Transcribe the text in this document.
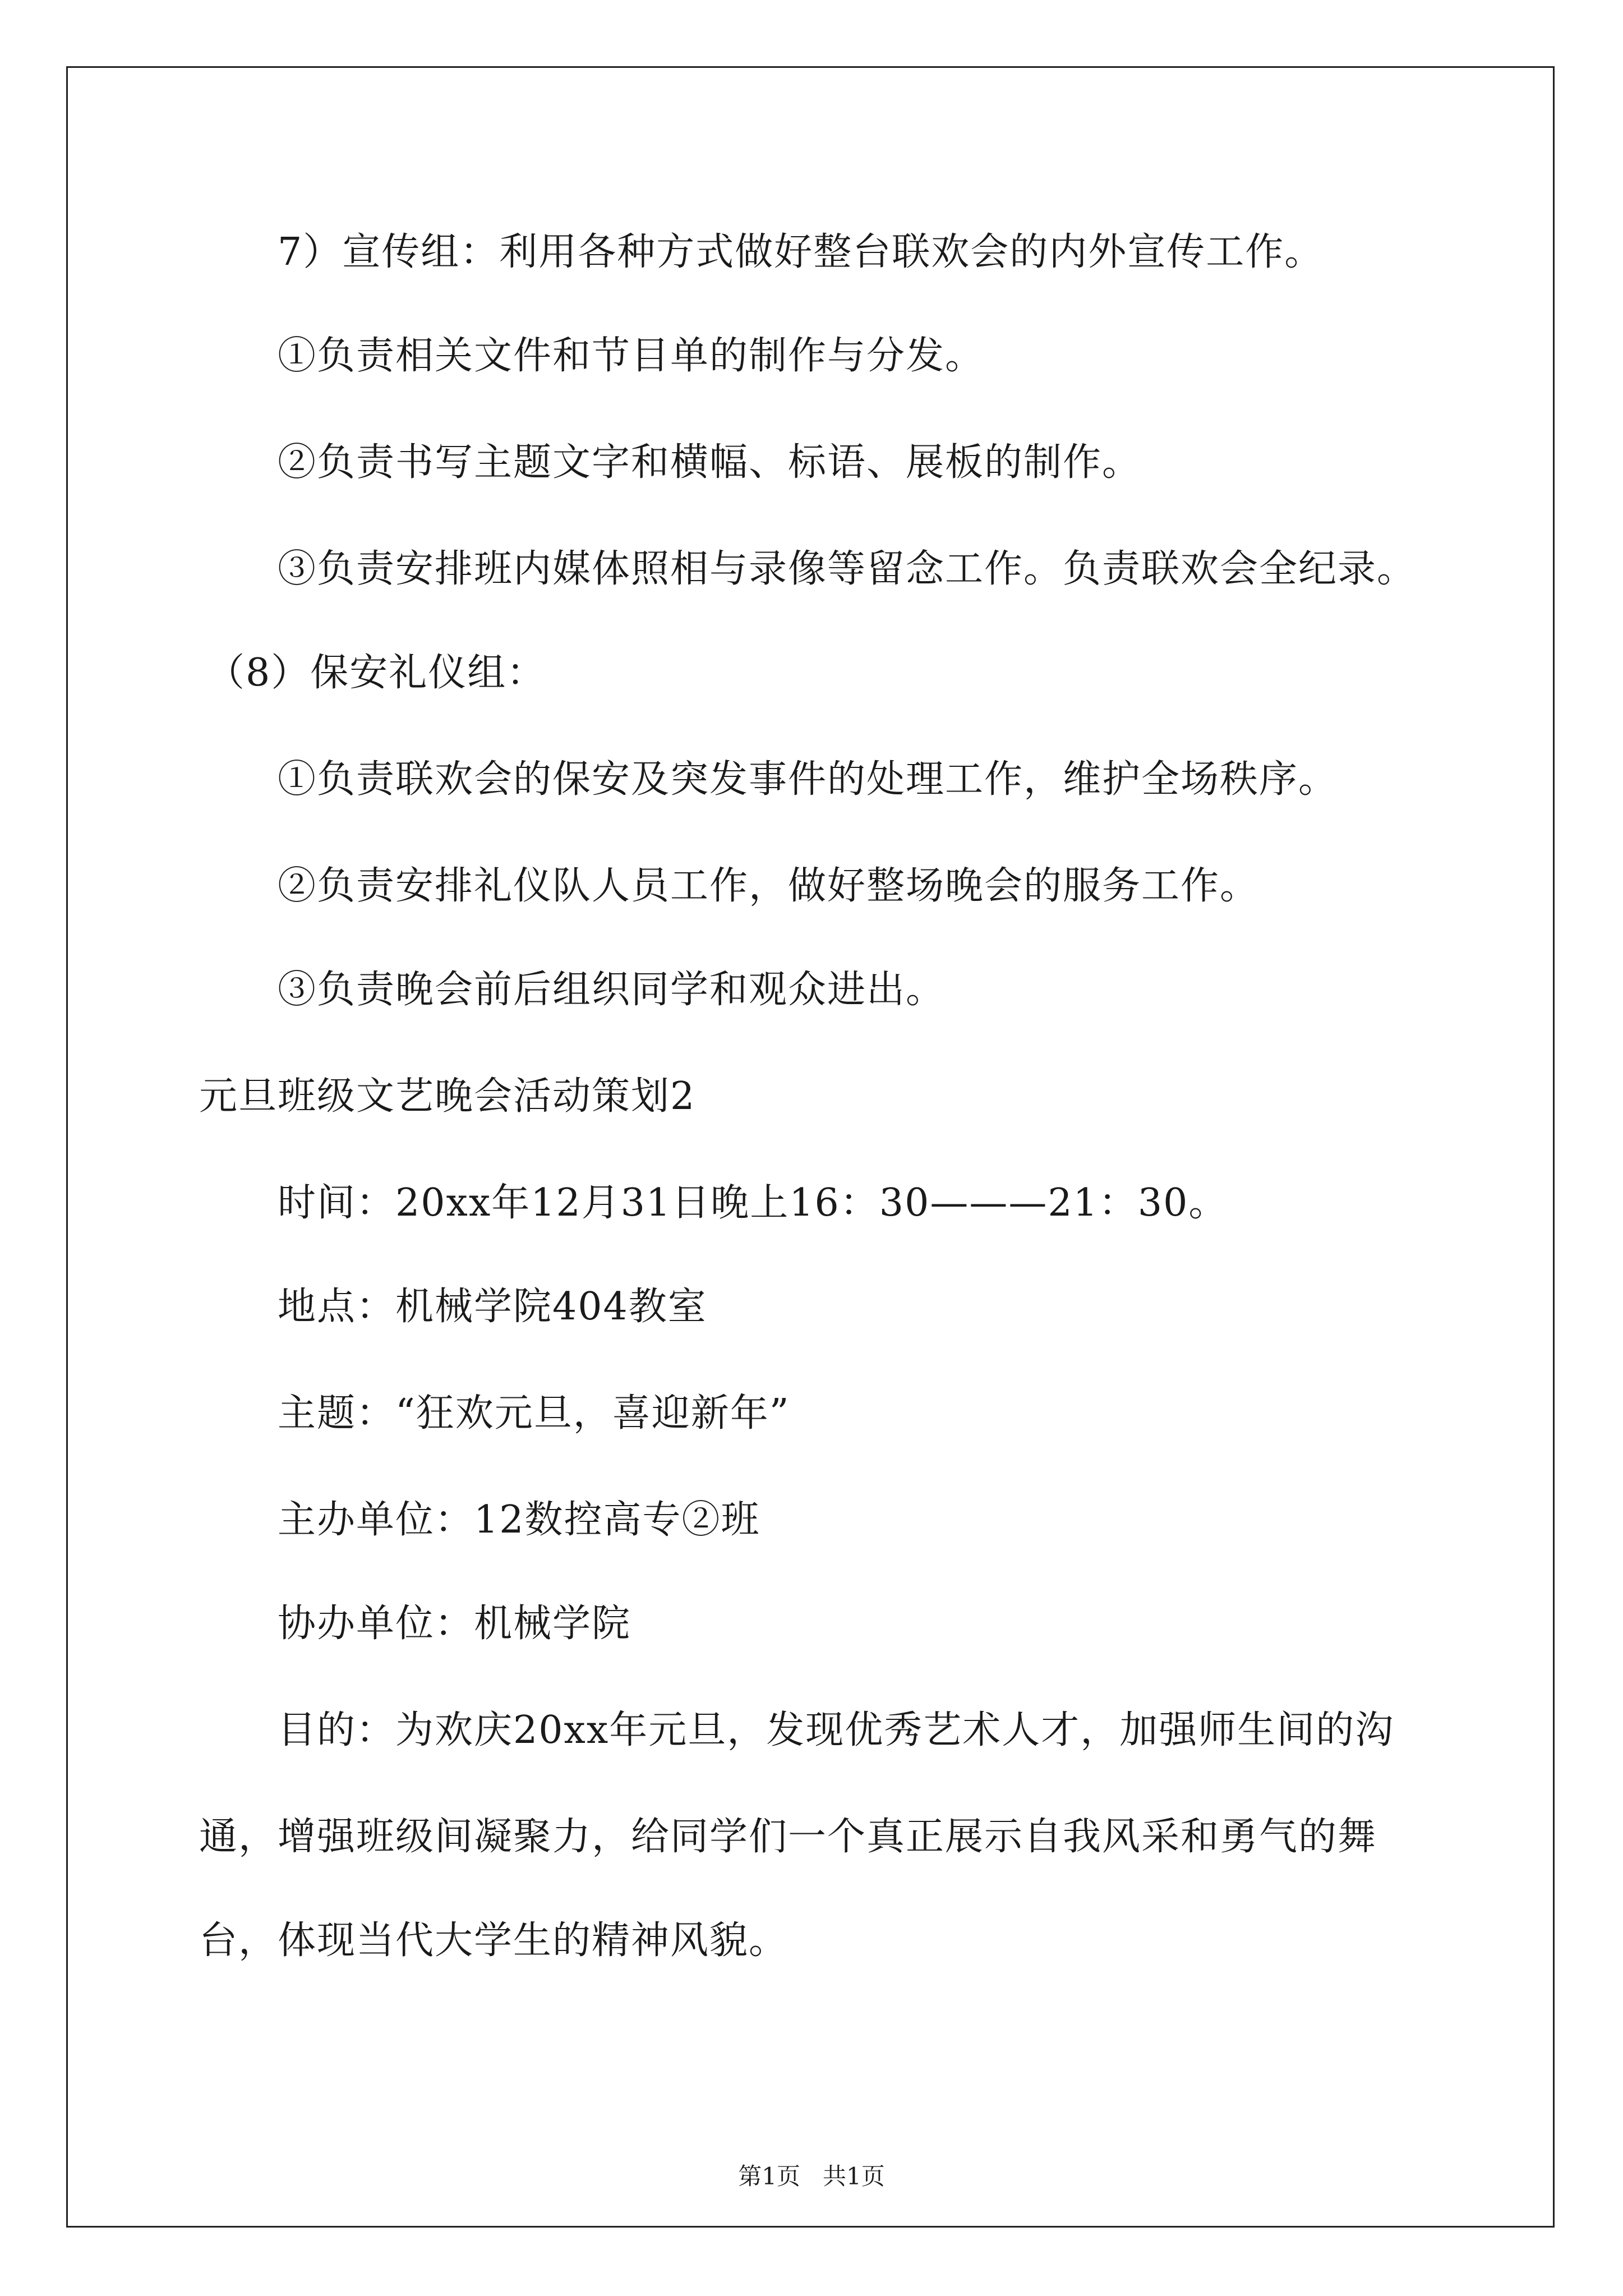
7）宣传组：利用各种方式做好整台联欢会的内外宣传工作。
①负责相关文件和节目单的制作与分发。
②负责书写主题文字和横幅、标语、展板的制作。
③负责安排班内媒体照相与录像等留念工作。负责联欢会全纪录。
（8）保安礼仪组：
①负责联欢会的保安及突发事件的处理工作，维护全场秩序。
②负责安排礼仪队人员工作，做好整场晚会的服务工作。
③负责晚会前后组织同学和观众进出。
元旦班级文艺晚会活动策划2
时间：20xx年12月31日晚上16：30———21：30。
地点：机械学院404教室
主题：“狂欢元旦，喜迎新年”
主办单位：12数控高专②班
协办单位：机械学院
目的：为欢庆20xx年元旦，发现优秀艺术人才，加强师生间的沟
通，增强班级间凝聚力，给同学们一个真正展示自我风采和勇气的舞
台，体现当代大学生的精神风貌。
第1页   共1页
